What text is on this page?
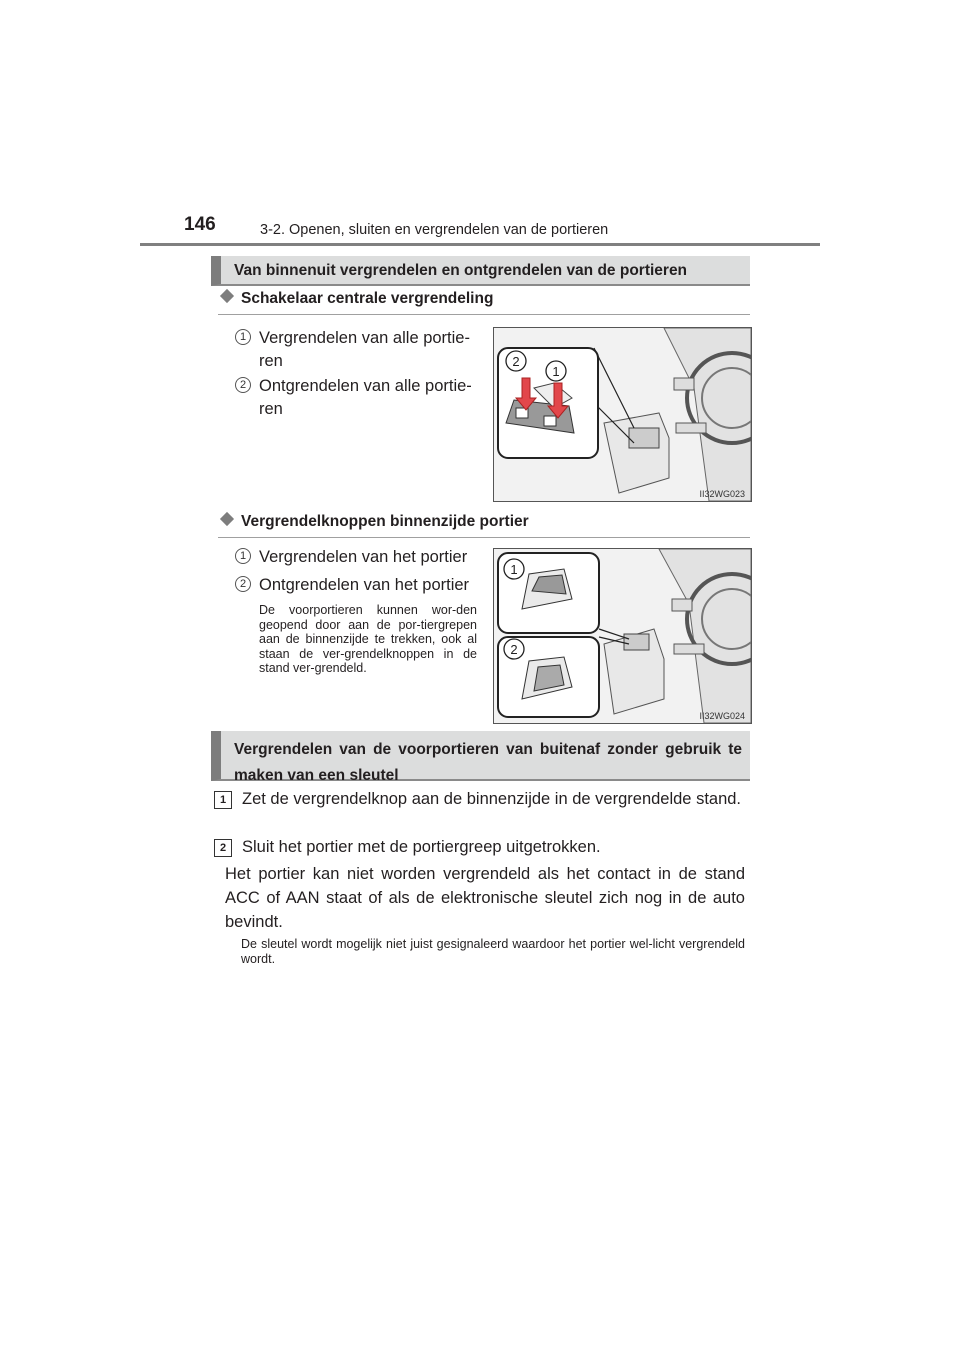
146	3-2. Openen, sluiten en vergrendelen van de portieren
Van binnenuit vergrendelen en ontgrendelen van de portieren
Schakelaar centrale vergrendeling
1 Vergrendelen van alle portie-ren
2 Ontgrendelen van alle portie-ren
2
1
II32WG023
Vergrendelknoppen binnenzijde portier
1 Vergrendelen van het portier
2 Ontgrendelen van het portier
De voorportieren kunnen wor-den geopend door aan de por-tiergrepen aan de binnenzijde te trekken, ook al staan de ver-grendelknoppen in de stand ver-grendeld.
1
2
II32WG024
Vergrendelen van de voorportieren van buitenaf zonder gebruik te maken van een sleutel
1 Zet de vergrendelknop aan de binnenzijde in de vergrendelde stand.
2 Sluit het portier met de portiergreep uitgetrokken.
Het portier kan niet worden vergrendeld als het contact in de stand ACC of AAN staat of als de elektronische sleutel zich nog in de auto bevindt.
De sleutel wordt mogelijk niet juist gesignaleerd waardoor het portier wel-licht vergrendeld wordt.
